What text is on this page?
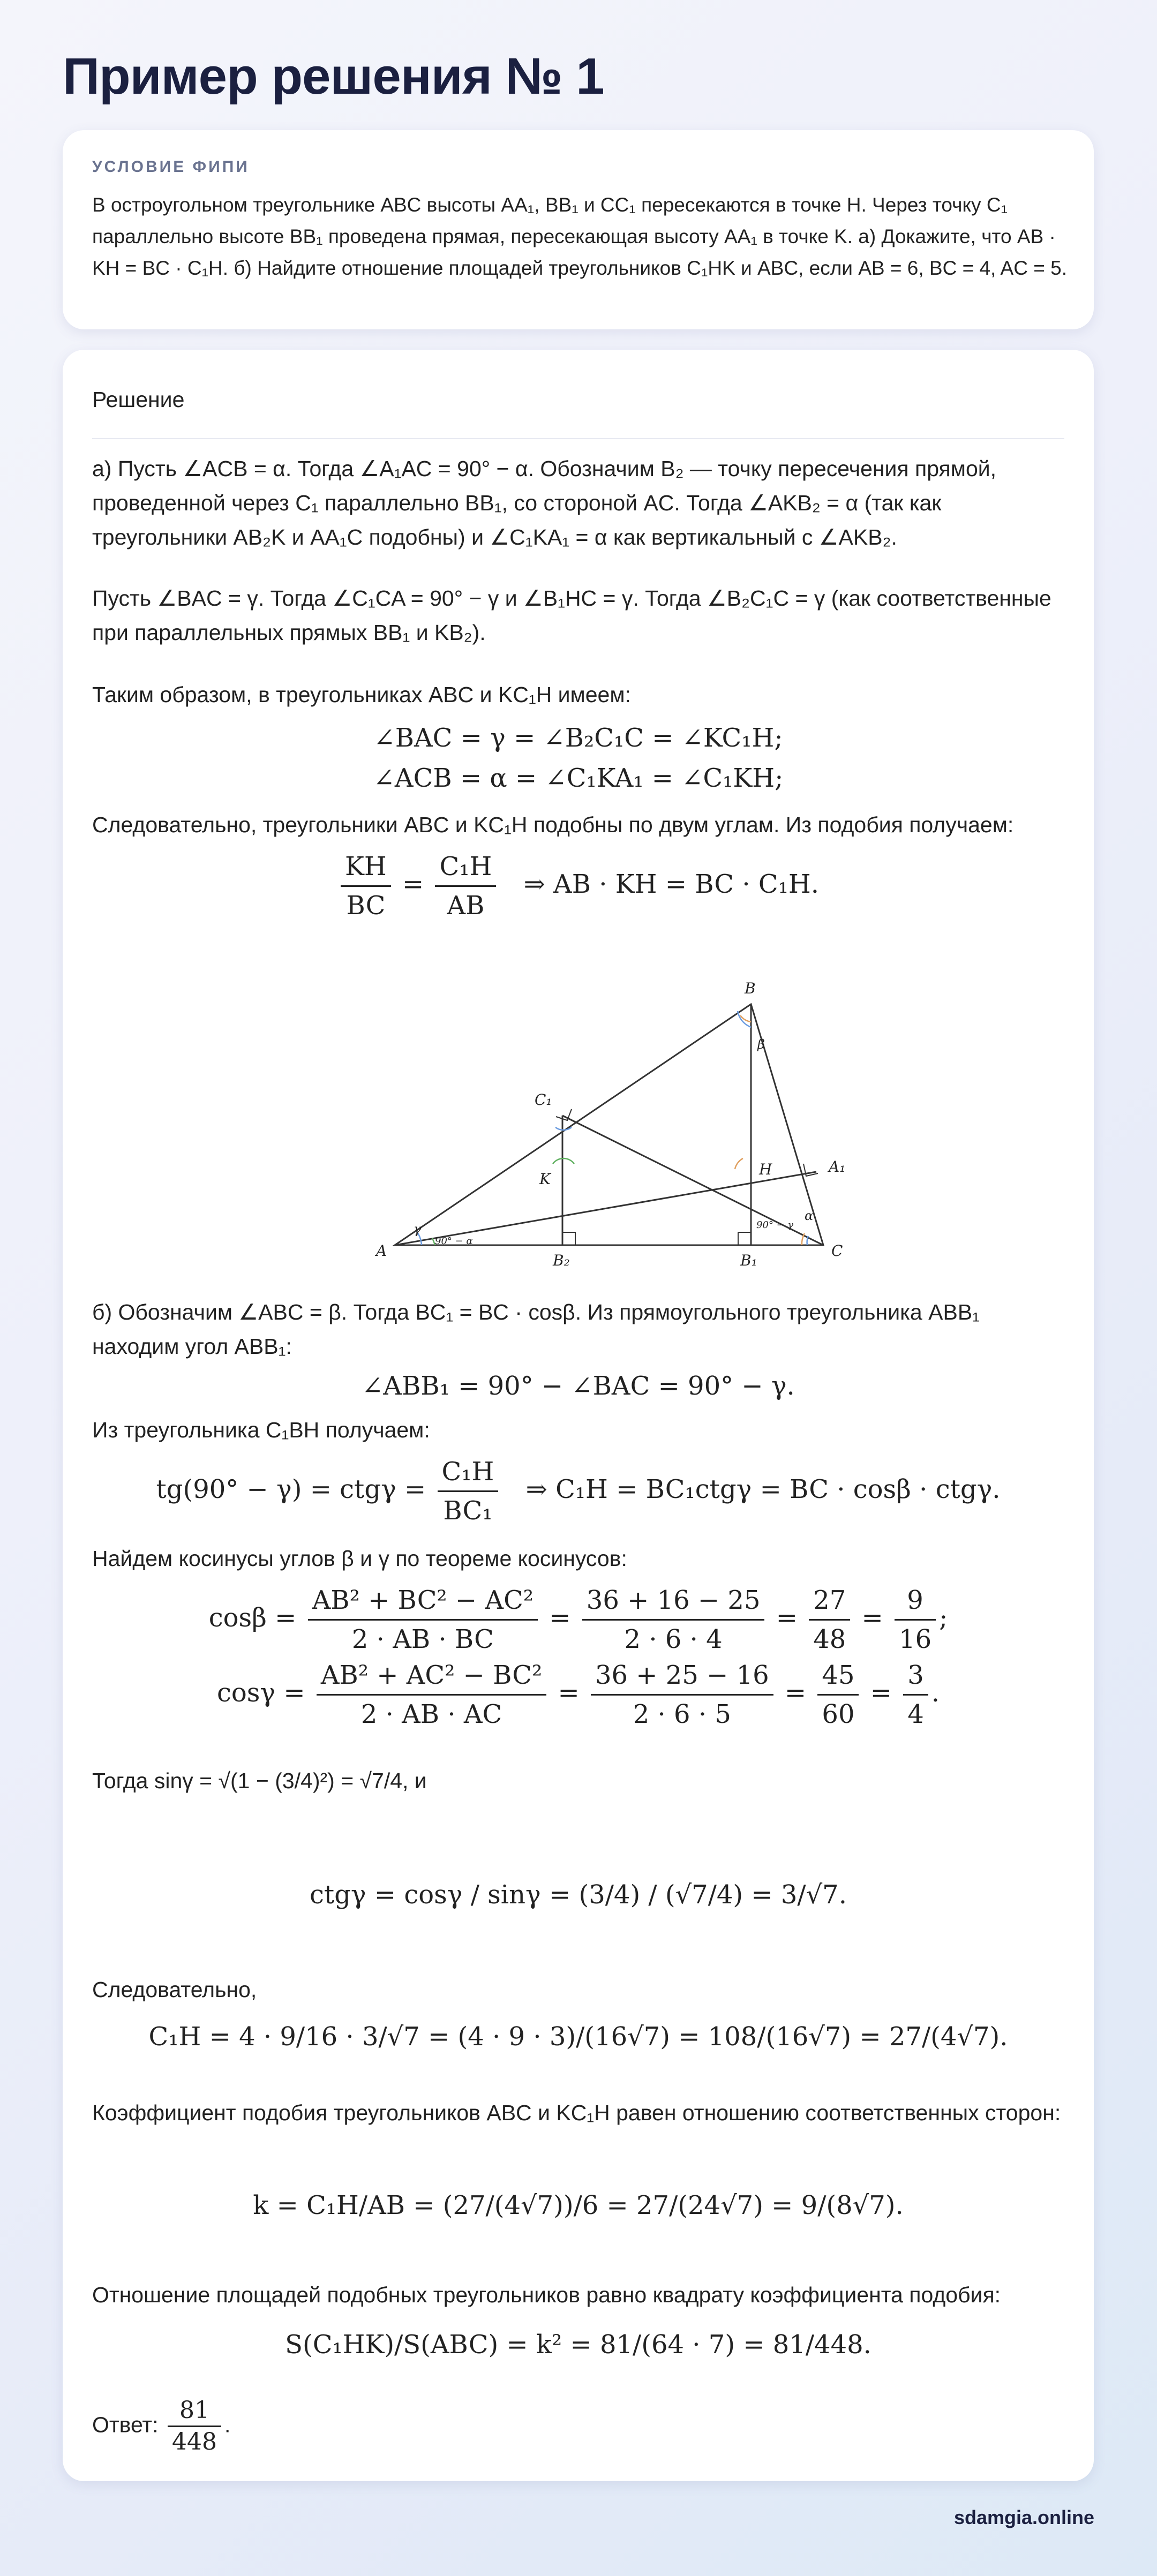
Пример решения № 1
УСЛОВИЕ ФИПИ
В остроугольном треугольнике ABC высоты AA₁, BB₁ и CC₁ пересекаются в точке H. Через точку C₁ параллельно высоте BB₁ проведена прямая, пересекающая высоту AA₁ в точке K. а) Докажите, что AB · KH = BC · C₁H. б) Найдите отношение площадей треугольников C₁HK и ABC, если AB = 6, BC = 4, AC = 5.
Решение
а) Пусть ∠ACB = α. Тогда ∠A₁AC = 90° − α. Обозначим B₂ — точку пересечения прямой, проведенной через C₁ параллельно BB₁, со стороной AC. Тогда ∠AKB₂ = α (так как треугольники AB₂K и AA₁C подобны) и ∠C₁KA₁ = α как вертикальный с ∠AKB₂.
Пусть ∠BAC = γ. Тогда ∠C₁CA = 90° − γ и ∠B₁HC = γ. Тогда ∠B₂C₁C = γ (как соответственные при параллельных прямых BB₁ и KB₂).
Таким образом, в треугольниках ABC и KC₁H имеем:
∠BAC = γ = ∠B₂C₁C = ∠KC₁H;
∠ACB = α = ∠C₁KA₁ = ∠C₁KH;
Следовательно, треугольники ABC и KC₁H подобны по двум углам. Из подобия получаем:
$\frac{KH}{BC} = \frac{\text{C₁H}}{AB}$ ⇒ AB · KH = BC · C₁H.
A
B
C
A₁
B₁
B₂
C₁
H
K
γ
β
α
90° − α
90° − γ
б) Обозначим ∠ABC = β. Тогда BC₁ = BC · cosβ. Из прямоугольного треугольника ABB₁ находим угол ABB₁:
∠ABB₁ = 90° − ∠BAC = 90° − γ.
Из треугольника C₁BH получаем:
$tg(90^\circ - \gamma) = ctg\gamma = \frac{\text{C₁H}}{\text{BC₁}}$ ⇒ C₁H = BC₁ctgγ = BC · cosβ · ctgγ.
Найдем косинусы углов β и γ по теореме косинусов:
$\cos\beta = \frac{\text{AB² + BC² − AC²}}{2 \cdot AB \cdot BC} = \frac{36 + 16 - 25}{2 \cdot 6 \cdot 4} = \frac{27}{48} = \frac{9}{16}$ ;
$\cos\gamma = \frac{\text{AB² + AC² − BC²}}{2 \cdot AB \cdot AC} = \frac{36 + 25 - 16}{2 \cdot 6 \cdot 5} = \frac{45}{60} = \frac{3}{4}$ .
Тогда sinγ = √(1 − (3/4)²) = √7/4, и
ctgγ = cosγ / sinγ = (3/4) / (√7/4) = 3/√7.
Следовательно,
C₁H = 4 · 9/16 · 3/√7 = (4 · 9 · 3)/(16√7) = 108/(16√7) = 27/(4√7).
Коэффициент подобия треугольников ABC и KC₁H равен отношению соответственных сторон:
k = C₁H/AB = (27/(4√7))/6 = 27/(24√7) = 9/(8√7).
Отношение площадей подобных треугольников равно квадрату коэффициента подобия:
S(C₁HK)/S(ABC) = k² = 81/(64 · 7) = 81/448.
Ответ: $\frac{81}{448}$ .
sdamgia.online
